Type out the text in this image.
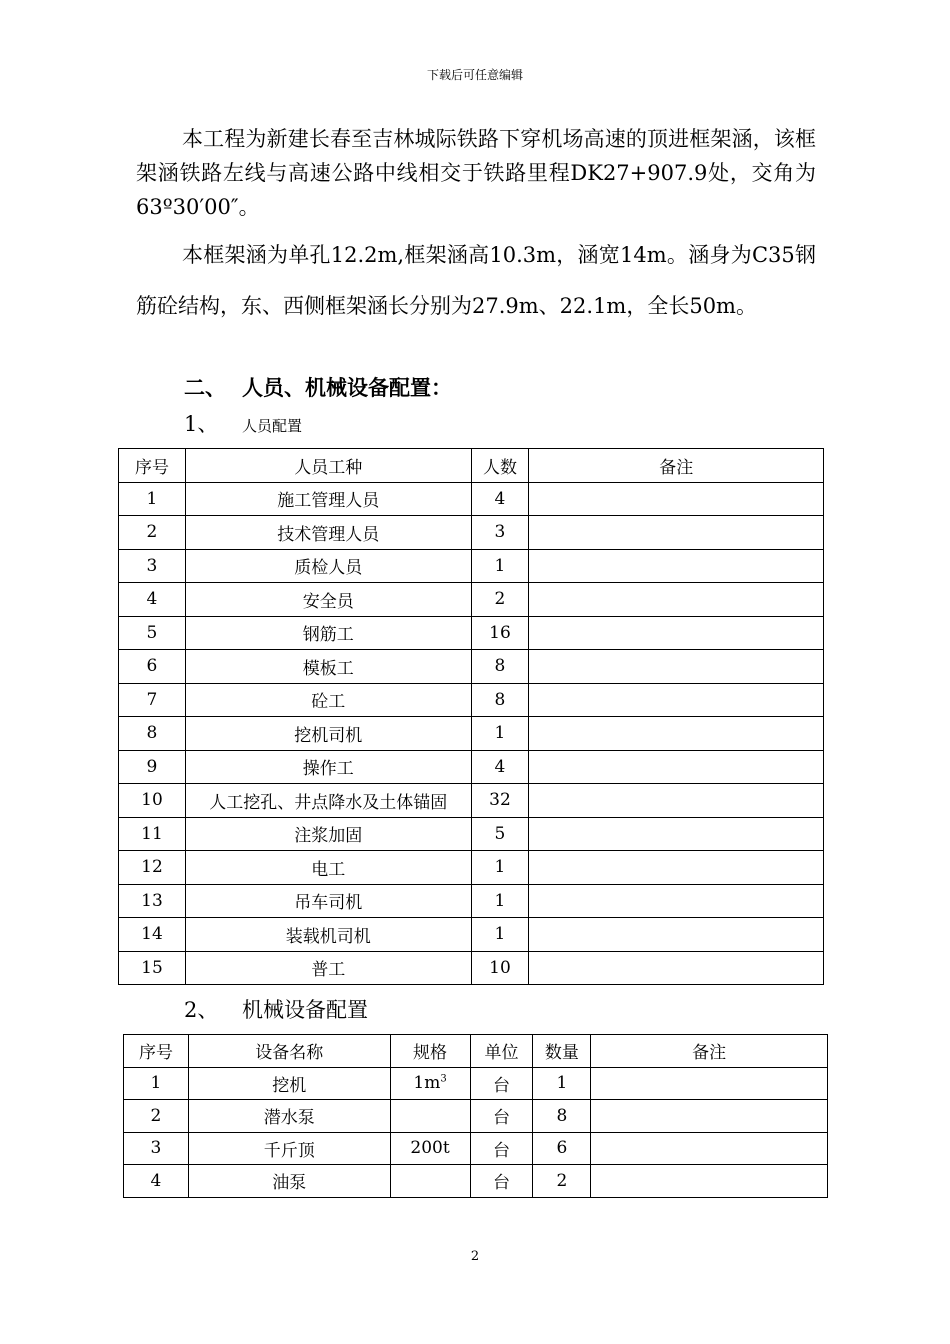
下载后可任意编辑
本工程为新建长春至吉林城际铁路下穿机场高速的顶进框架涵，该框架涵铁路左线与高速公路中线相交于铁路里程DK27+907.9处，交角为63º30′00″。
本框架涵为单孔12.2m,框架涵高10.3m，涵宽14m。涵身为C35钢筋砼结构，东、西侧框架涵长分别为27.9m、22.1m，全长50m。
二、 人员、机械设备配置：
1、 人员配置
序号	人员工种	人数	备注
1	施工管理人员	4	
2	技术管理人员	3	
3	质检人员	1	
4	安全员	2	
5	钢筋工	16	
6	模板工	8	
7	砼工	8	
8	挖机司机	1	
9	操作工	4	
10	人工挖孔、井点降水及土体锚固	32	
11	注浆加固	5	
12	电工	1	
13	吊车司机	1	
14	装载机司机	1	
15	普工	10	
2、 机械设备配置
序号	设备名称	规格	单位	数量	备注
1	挖机	$1m^3$	台	1	
2	潜水泵		台	8	
3	千斤顶	200t	台	6	
4	油泵		台	2	
2
